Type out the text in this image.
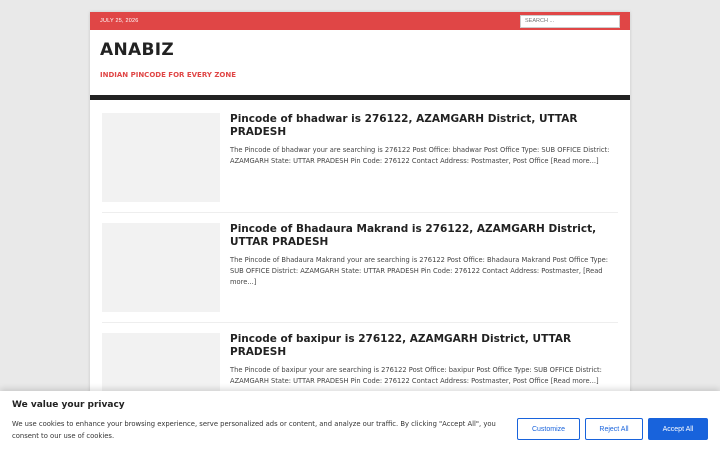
JULY 25, 2026
SEARCH ...
ANABIZ
INDIAN PINCODE FOR EVERY ZONE
Pincode of bhadwar is 276122, AZAMGARH District, UTTAR PRADESH
The Pincode of bhadwar your are searching is 276122 Post Office: bhadwar Post Office Type: SUB OFFICE District: AZAMGARH State: UTTAR PRADESH Pin Code: 276122 Contact Address: Postmaster, Post Office [Read more...]
Pincode of Bhadaura Makrand is 276122, AZAMGARH District, UTTAR PRADESH
The Pincode of Bhadaura Makrand your are searching is 276122 Post Office: Bhadaura Makrand Post Office Type: SUB OFFICE District: AZAMGARH State: UTTAR PRADESH Pin Code: 276122 Contact Address: Postmaster, [Read more...]
Pincode of baxipur is 276122, AZAMGARH District, UTTAR PRADESH
The Pincode of baxipur your are searching is 276122 Post Office: baxipur Post Office Type: SUB OFFICE District: AZAMGARH State: UTTAR PRADESH Pin Code: 276122 Contact Address: Postmaster, Post Office [Read more...]
We value your privacy
We use cookies to enhance your browsing experience, serve personalized ads or content, and analyze our traffic. By clicking "Accept All", you consent to our use of cookies.
Customize	Reject All	Accept All
